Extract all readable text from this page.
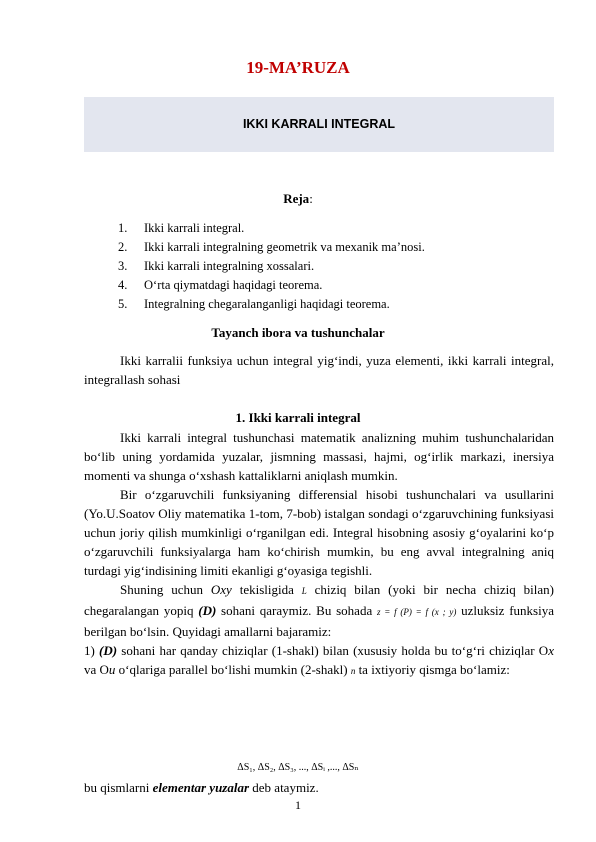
19-MA’RUZA
IKKI KARRALI INTEGRAL
Reja:
1. Ikki karrali integral.
2. Ikki karrali integralning geometrik va mexanik ma’nosi.
3. Ikki karrali integralning xossalari.
4. O‘rta qiymatdagi haqidagi teorema.
5. Integralning chegaralanganligi haqidagi teorema.
Tayanch ibora va tushunchalar

Ikki karralii funksiya uchun integral yig‘indi, yuza elementi, ikki karrali integral, integrallash sohasi

1. Ikki karrali integral

Ikki karrali integral tushunchasi matematik analizning muhim tushunchalaridan bo‘lib uning yordamida yuzalar, jismning massasi, hajmi, og‘irlik markazi, inersiya momenti va shunga o‘xshash kattaliklarni aniqlash mumkin.

Bir o‘zgaruvchili funksiyaning differensial hisobi tushunchalari va usullarini (Yo.U.Soatov Oliy matematika 1-tom, 7-bob) istalgan sondagi o‘zgaruvchining funksiyasi uchun joriy qilish mumkinligi o‘rganilgan edi. Integral hisobning asosiy g‘oyalarini ko‘p o‘zgaruvchili funksiyalarga ham ko‘chirish mumkin, bu eng avval integralning aniq turdagi yig‘indisining limiti ekanligi g‘oyasiga tegishli.

Shuning uchun Oxy tekisligida L chiziq bilan (yoki bir necha chiziq bilan) chegaralangan yopiq (D) sohani qaraymiz. Bu sohada z = f (P) = f (x ; y) uzluksiz funksiya berilgan bo‘lsin. Quyidagi amallarni bajaramiz:

1) (D) sohani har qanday chiziqlar (1-shakl) bilan (xususiy holda bu to‘g‘ri chiziqlar Ox va Ou o‘qlariga parallel bo‘lishi mumkin (2-shakl) n ta ixtiyoriy qismga bo‘lamiz:

ΔS₁, ΔS₂, ΔS₃, ..., ΔSᵢ ,..., ΔSₙ

bu qismlarni elementar yuzalar deb ataymiz.

1
